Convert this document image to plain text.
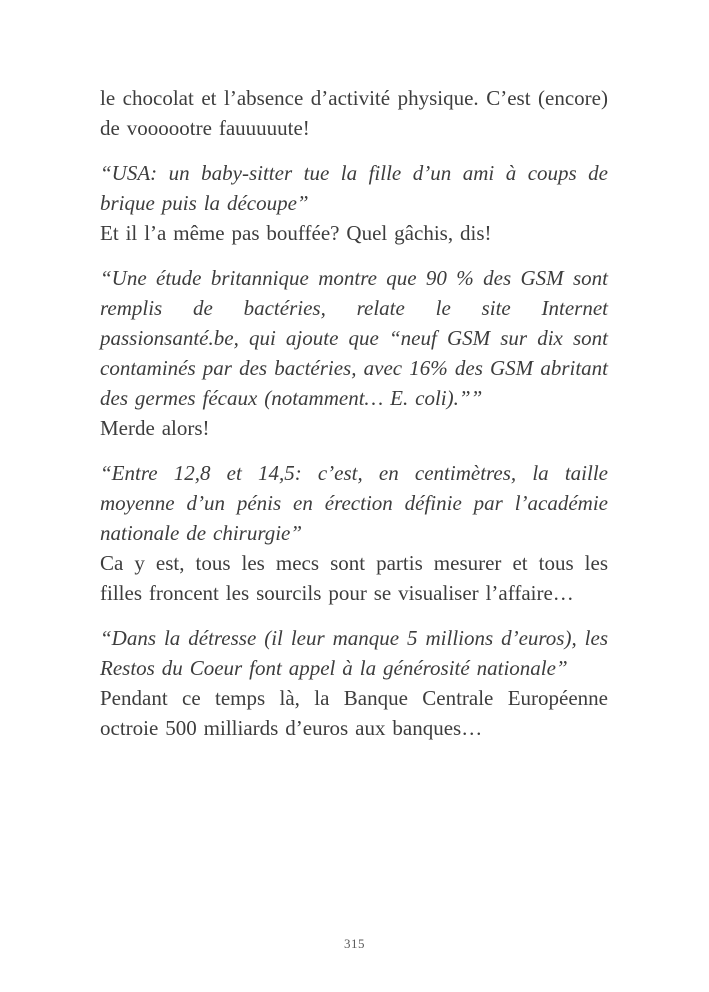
le chocolat et l’absence d’activité physique. C’est (encore) de voooootre fauuuuute!

“USA: un baby-sitter tue la fille d’un ami à coups de brique puis la découpe”

Et il l’a même pas bouffée? Quel gâchis, dis!

“Une étude britannique montre que 90 % des GSM sont remplis de bactéries, relate le site Internet passionsanté.be, qui ajoute que “neuf GSM sur dix sont contaminés par des bactéries, avec 16% des GSM abritant des germes fécaux (notamment… E. coli).””

Merde alors!

“Entre 12,8 et 14,5: c’est, en centimètres, la taille moyenne d’un pénis en érection définie par l’académie nationale de chirurgie”

Ca y est, tous les mecs sont partis mesurer et tous les filles froncent les sourcils pour se visualiser l’affaire…

“Dans la détresse (il leur manque 5 millions d’euros), les Restos du Coeur font appel à la générosité nationale”

Pendant ce temps là, la Banque Centrale Européenne octroie 500 milliards d’euros aux banques…

315
